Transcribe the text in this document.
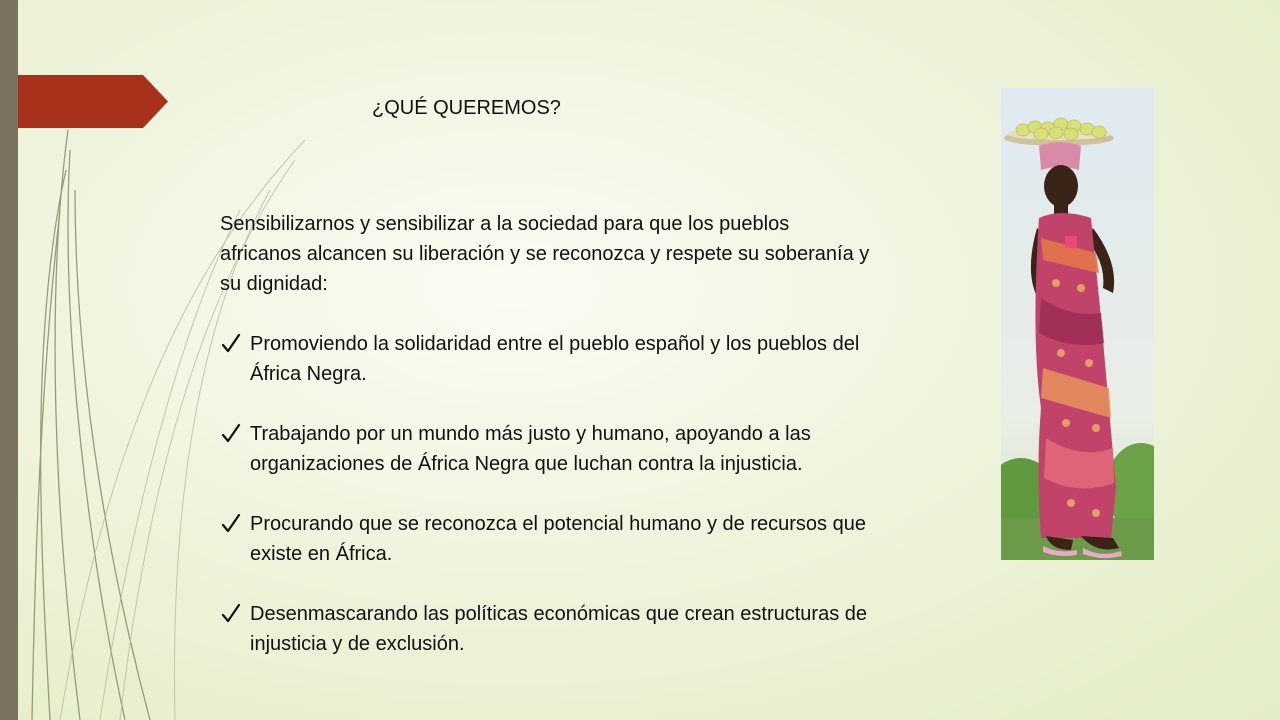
¿QUÉ QUEREMOS?

Sensibilizarnos y sensibilizar a la sociedad para que los pueblos africanos alcancen su liberación y se reconozca y respete su soberanía y su dignidad:

Promoviendo la solidaridad entre el pueblo español y los pueblos del África Negra.
Trabajando por un mundo más justo y humano, apoyando a las organizaciones de África Negra que luchan contra la injusticia.
Procurando que se reconozca el potencial humano y de recursos que existe en África.
Desenmascarando las políticas económicas que crean estructuras de injusticia y de exclusión.
